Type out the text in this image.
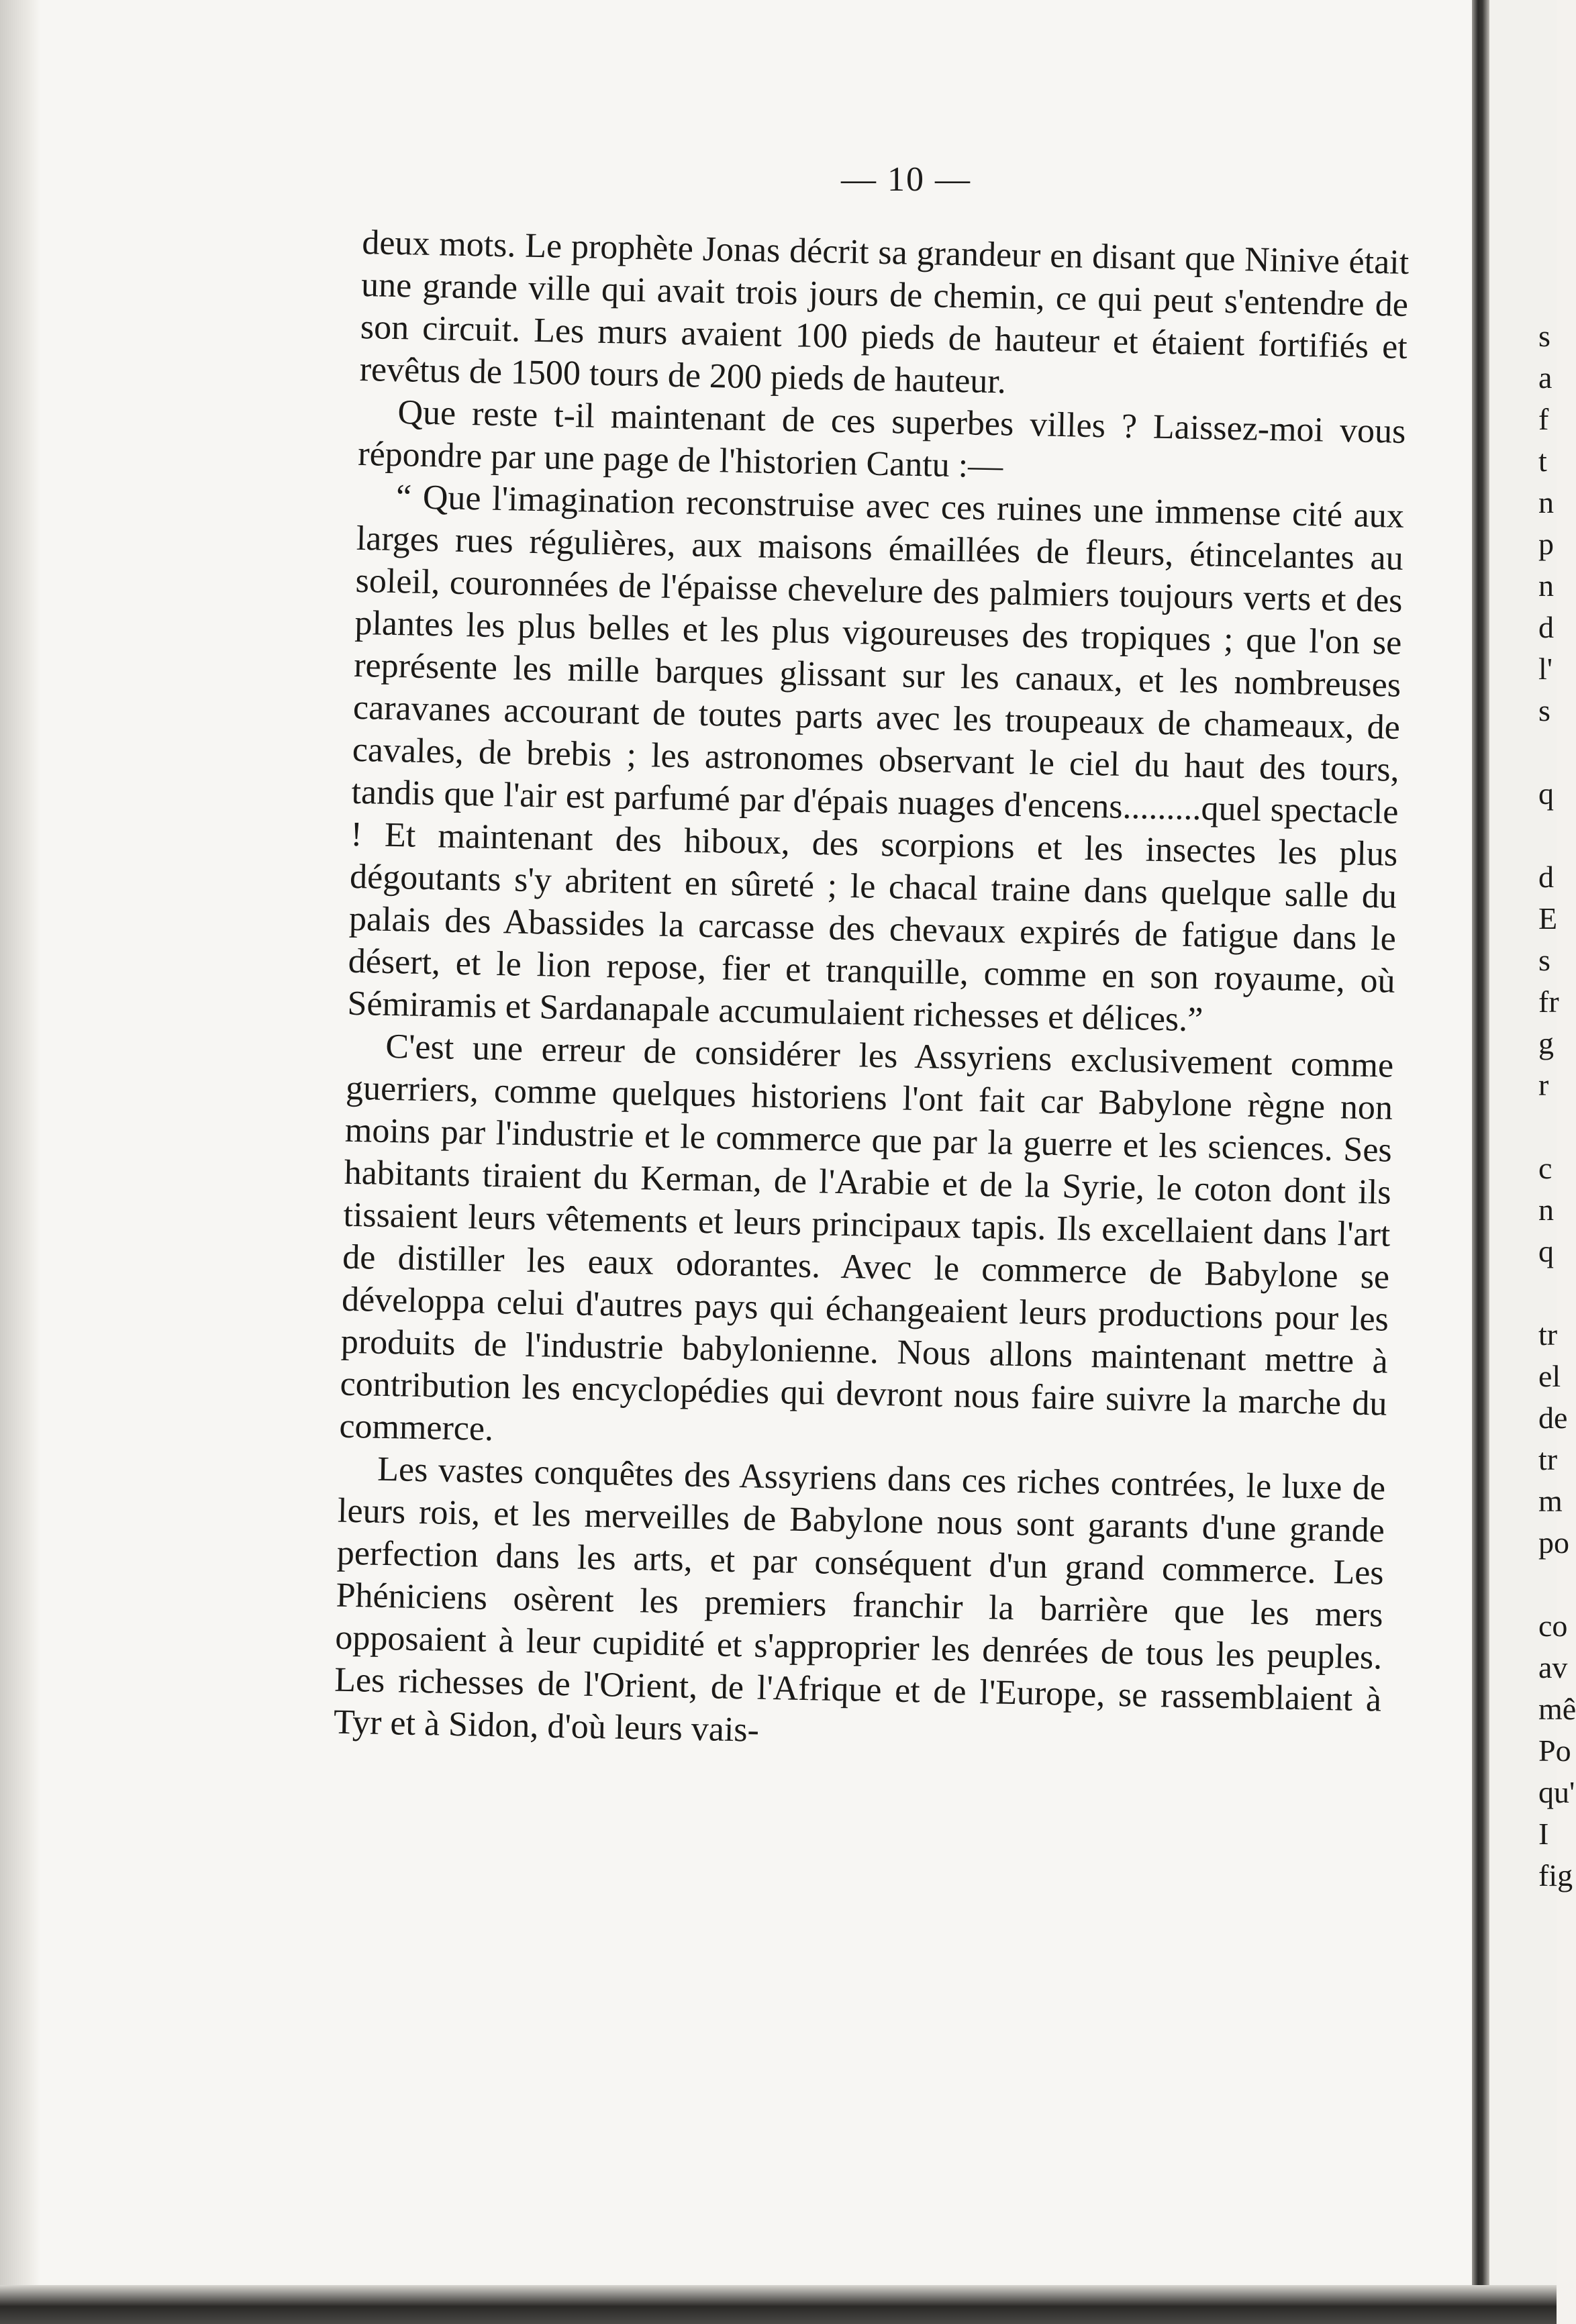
— 10 —

deux mots. Le prophète Jonas décrit sa grandeur en disant que Ninive était une grande ville qui avait trois jours de chemin, ce qui peut s'entendre de son circuit. Les murs avaient 100 pieds de hauteur et étaient fortifiés et revêtus de 1500 tours de 200 pieds de hauteur.

Que reste t-il maintenant de ces superbes villes ? Laissez-moi vous répondre par une page de l'historien Cantu :—

“ Que l'imagination reconstruise avec ces ruines une immense cité aux larges rues régulières, aux maisons émaillées de fleurs, étincelantes au soleil, couronnées de l'épaisse chevelure des palmiers toujours verts et des plantes les plus belles et les plus vigoureuses des tropiques ; que l'on se représente les mille barques glissant sur les canaux, et les nombreuses caravanes accourant de toutes parts avec les troupeaux de chameaux, de cavales, de brebis ; les astronomes observant le ciel du haut des tours, tandis que l'air est parfumé par d'épais nuages d'encens.........quel spectacle ! Et maintenant des hiboux, des scorpions et les insectes les plus dégoutants s'y abritent en sûreté ; le chacal traine dans quelque salle du palais des Abassides la carcasse des chevaux expirés de fatigue dans le désert, et le lion repose, fier et tranquille, comme en son royaume, où Sémiramis et Sardanapale accumulaient richesses et délices.”

C'est une erreur de considérer les Assyriens exclusivement comme guerriers, comme quelques historiens l'ont fait car Babylone règne non moins par l'industrie et le commerce que par la guerre et les sciences. Ses habitants tiraient du Kerman, de l'Arabie et de la Syrie, le coton dont ils tissaient leurs vêtements et leurs principaux tapis. Ils excellaient dans l'art de distiller les eaux odorantes. Avec le commerce de Babylone se développa celui d'autres pays qui échangeaient leurs productions pour les produits de l'industrie babylonienne. Nous allons maintenant mettre à contribution les encyclopédies qui devront nous faire suivre la marche du commerce.

Les vastes conquêtes des Assyriens dans ces riches contrées, le luxe de leurs rois, et les merveilles de Babylone nous sont garants d'une grande perfection dans les arts, et par conséquent d'un grand commerce. Les Phéniciens osèrent les premiers franchir la barrière que les mers opposaient à leur cupidité et s'approprier les denrées de tous les peuples. Les richesses de l'Orient, de l'Afrique et de l'Europe, se rassemblaient à Tyr et à Sidon, d'où leurs vais-

s
a
f
t
n
p
n
d
l'
s
q
d
E
s
fr
g
r
c
n
q
tr
el
de
tr
m
po
co
av
mê
Po
qu'
I
fig
